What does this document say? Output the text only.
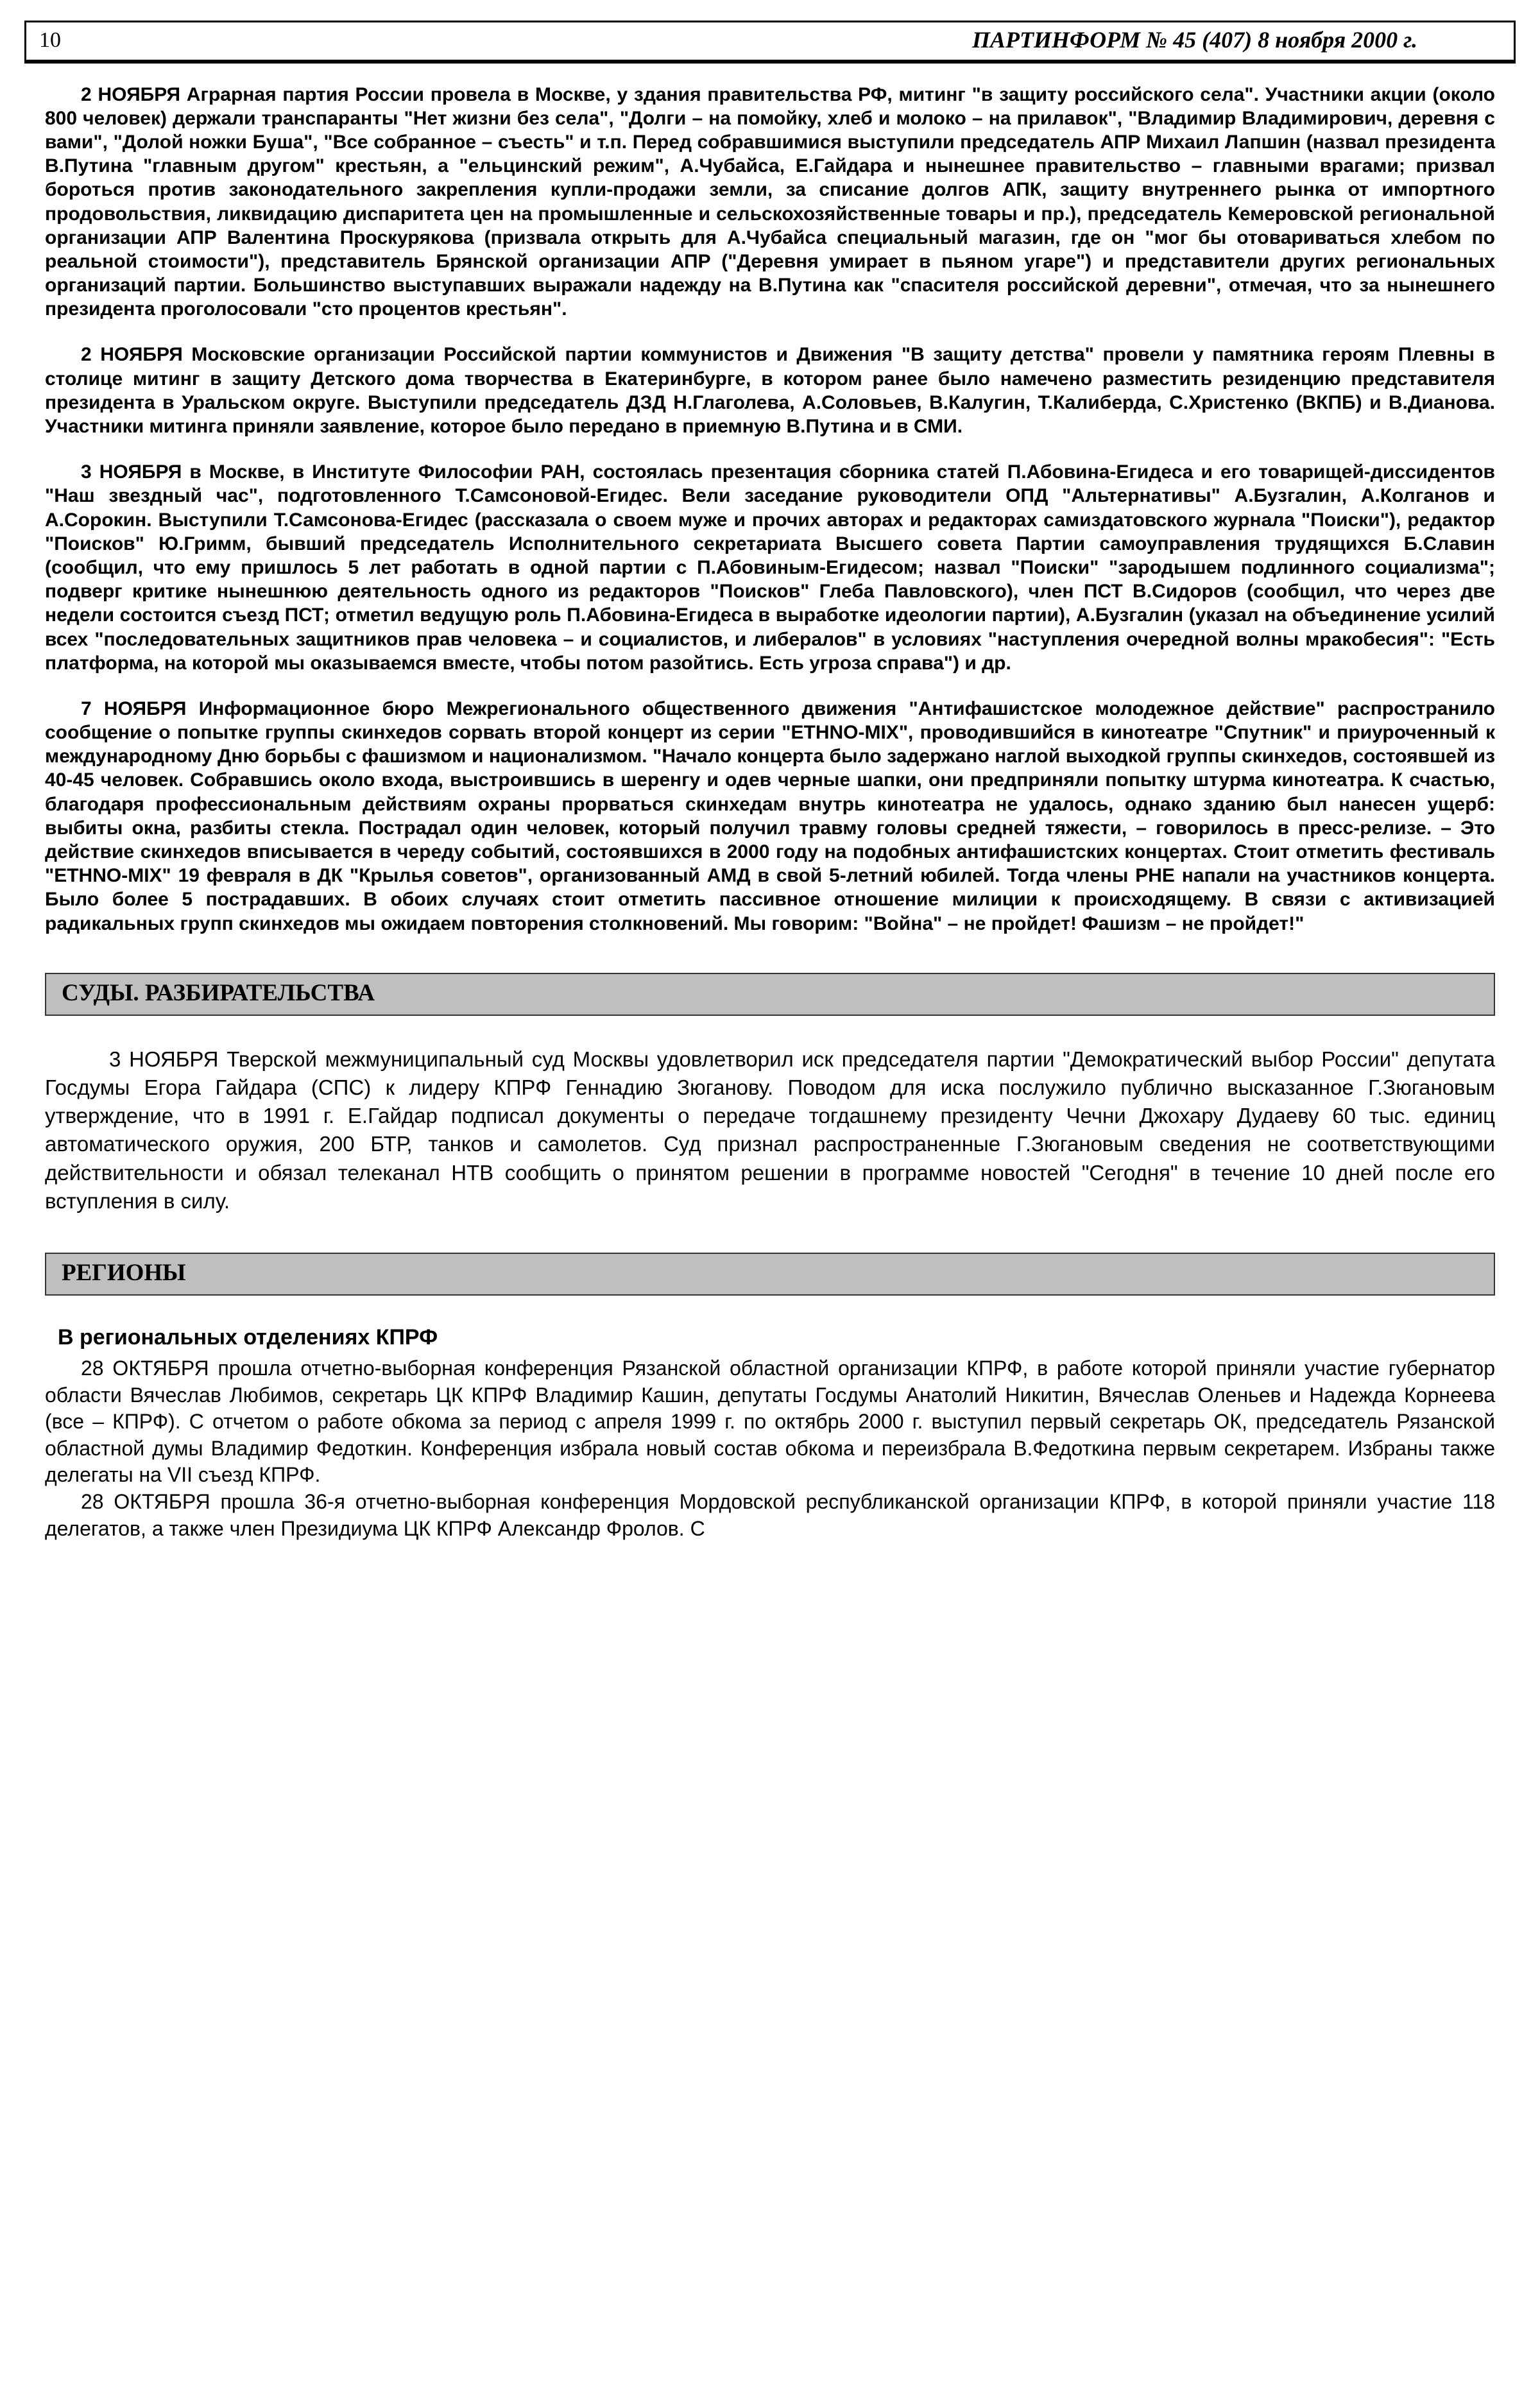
10	ПАРТИНФОРМ № 45 (407) 8 ноября 2000 г.

2 НОЯБРЯ Аграрная партия России провела в Москве, у здания правительства РФ, митинг "в защиту российского села". Участники акции (около 800 человек) держали транспаранты "Нет жизни без села", "Долги – на помойку, хлеб и молоко – на прилавок", "Владимир Владимирович, деревня с вами", "Долой ножки Буша", "Все собранное – съесть" и т.п. Перед собравшимися выступили председатель АПР Михаил Лапшин (назвал президента В.Путина "главным другом" крестьян, а "ельцинский режим", А.Чубайса, Е.Гайдара и нынешнее правительство – главными врагами; призвал бороться против законодательного закрепления купли-продажи земли, за списание долгов АПК, защиту внутреннего рынка от импортного продовольствия, ликвидацию диспаритета цен на промышленные и сельскохозяйственные товары и пр.), председатель Кемеровской региональной организации АПР Валентина Проскурякова (призвала открыть для А.Чубайса специальный магазин, где он "мог бы отовариваться хлебом по реальной стоимости"), представитель Брянской организации АПР ("Деревня умирает в пьяном угаре") и представители других региональных организаций партии. Большинство выступавших выражали надежду на В.Путина как "спасителя российской деревни", отмечая, что за нынешнего президента проголосовали "сто процентов крестьян".

2 НОЯБРЯ Московские организации Российской партии коммунистов и Движения "В защиту детства" провели у памятника героям Плевны в столице митинг в защиту Детского дома творчества в Екатеринбурге, в котором ранее было намечено разместить резиденцию представителя президента в Уральском округе. Выступили председатель ДЗД Н.Глаголева, А.Соловьев, В.Калугин, Т.Калиберда, С.Христенко (ВКПБ) и В.Дианова. Участники митинга приняли заявление, которое было передано в приемную В.Путина и в СМИ.

3 НОЯБРЯ в Москве, в Институте Философии РАН, состоялась презентация сборника статей П.Абовина-Егидеса и его товарищей-диссидентов "Наш звездный час", подготовленного Т.Самсоновой-Егидес. Вели заседание руководители ОПД "Альтернативы" А.Бузгалин, А.Колганов и А.Сорокин. Выступили Т.Самсонова-Егидес (рассказала о своем муже и прочих авторах и редакторах самиздатовского журнала "Поиски"), редактор "Поисков" Ю.Гримм, бывший председатель Исполнительного секретариата Высшего совета Партии самоуправления трудящихся Б.Славин (сообщил, что ему пришлось 5 лет работать в одной партии с П.Абовиным-Егидесом; назвал "Поиски" "зародышем подлинного социализма"; подверг критике нынешнюю деятельность одного из редакторов "Поисков" Глеба Павловского), член ПСТ В.Сидоров (сообщил, что через две недели состоится съезд ПСТ; отметил ведущую роль П.Абовина-Егидеса в выработке идеологии партии), А.Бузгалин (указал на объединение усилий всех "последовательных защитников прав человека – и социалистов, и либералов" в условиях "наступления очередной волны мракобесия": "Есть платформа, на которой мы оказываемся вместе, чтобы потом разойтись. Есть угроза справа") и др.

7 НОЯБРЯ Информационное бюро Межрегионального общественного движения "Антифашистское молодежное действие" распространило сообщение о попытке группы скинхедов сорвать второй концерт из серии "ETHNO-MIX", проводившийся в кинотеатре "Спутник" и приуроченный к международному Дню борьбы с фашизмом и национализмом. "Начало концерта было задержано наглой выходкой группы скинхедов, состоявшей из 40-45 человек. Собравшись около входа, выстроившись в шеренгу и одев черные шапки, они предприняли попытку штурма кинотеатра. К счастью, благодаря профессиональным действиям охраны прорваться скинхедам внутрь кинотеатра не удалось, однако зданию был нанесен ущерб: выбиты окна, разбиты стекла. Пострадал один человек, который получил травму головы средней тяжести, – говорилось в пресс-релизе. – Это действие скинхедов вписывается в череду событий, состоявшихся в 2000 году на подобных антифашистских концертах. Стоит отметить фестиваль "ETHNO-MIX" 19 февраля в ДК "Крылья советов", организованный АМД в свой 5-летний юбилей. Тогда члены РНЕ напали на участников концерта. Было более 5 пострадавших. В обоих случаях стоит отметить пассивное отношение милиции к происходящему. В связи с активизацией радикальных групп скинхедов мы ожидаем повторения столкновений. Мы говорим: "Война" – не пройдет! Фашизм – не пройдет!"

СУДЫ. РАЗБИРАТЕЛЬСТВА

3 НОЯБРЯ Тверской межмуниципальный суд Москвы удовлетворил иск председателя партии "Демократический выбор России" депутата Госдумы Егора Гайдара (СПС) к лидеру КПРФ Геннадию Зюганову. Поводом для иска послужило публично высказанное Г.Зюгановым утверждение, что в 1991 г. Е.Гайдар подписал документы о передаче тогдашнему президенту Чечни Джохару Дудаеву 60 тыс. единиц автоматического оружия, 200 БТР, танков и самолетов. Суд признал распространенные Г.Зюгановым сведения не соответствующими действительности и обязал телеканал НТВ сообщить о принятом решении в программе новостей "Сегодня" в течение 10 дней после его вступления в силу.

РЕГИОНЫ
В региональных отделениях КПРФ

28 ОКТЯБРЯ прошла отчетно-выборная конференция Рязанской областной организации КПРФ, в работе которой приняли участие губернатор области Вячеслав Любимов, секретарь ЦК КПРФ Владимир Кашин, депутаты Госдумы Анатолий Никитин, Вячеслав Оленьев и Надежда Корнеева (все – КПРФ). С отчетом о работе обкома за период с апреля 1999 г. по октябрь 2000 г. выступил первый секретарь ОК, председатель Рязанской областной думы Владимир Федоткин. Конференция избрала новый состав обкома и переизбрала В.Федоткина первым секретарем. Избраны также делегаты на VII съезд КПРФ.

28 ОКТЯБРЯ прошла 36-я отчетно-выборная конференция Мордовской республиканской организации КПРФ, в которой приняли участие 118 делегатов, а также член Президиума ЦК КПРФ Александр Фролов. С
